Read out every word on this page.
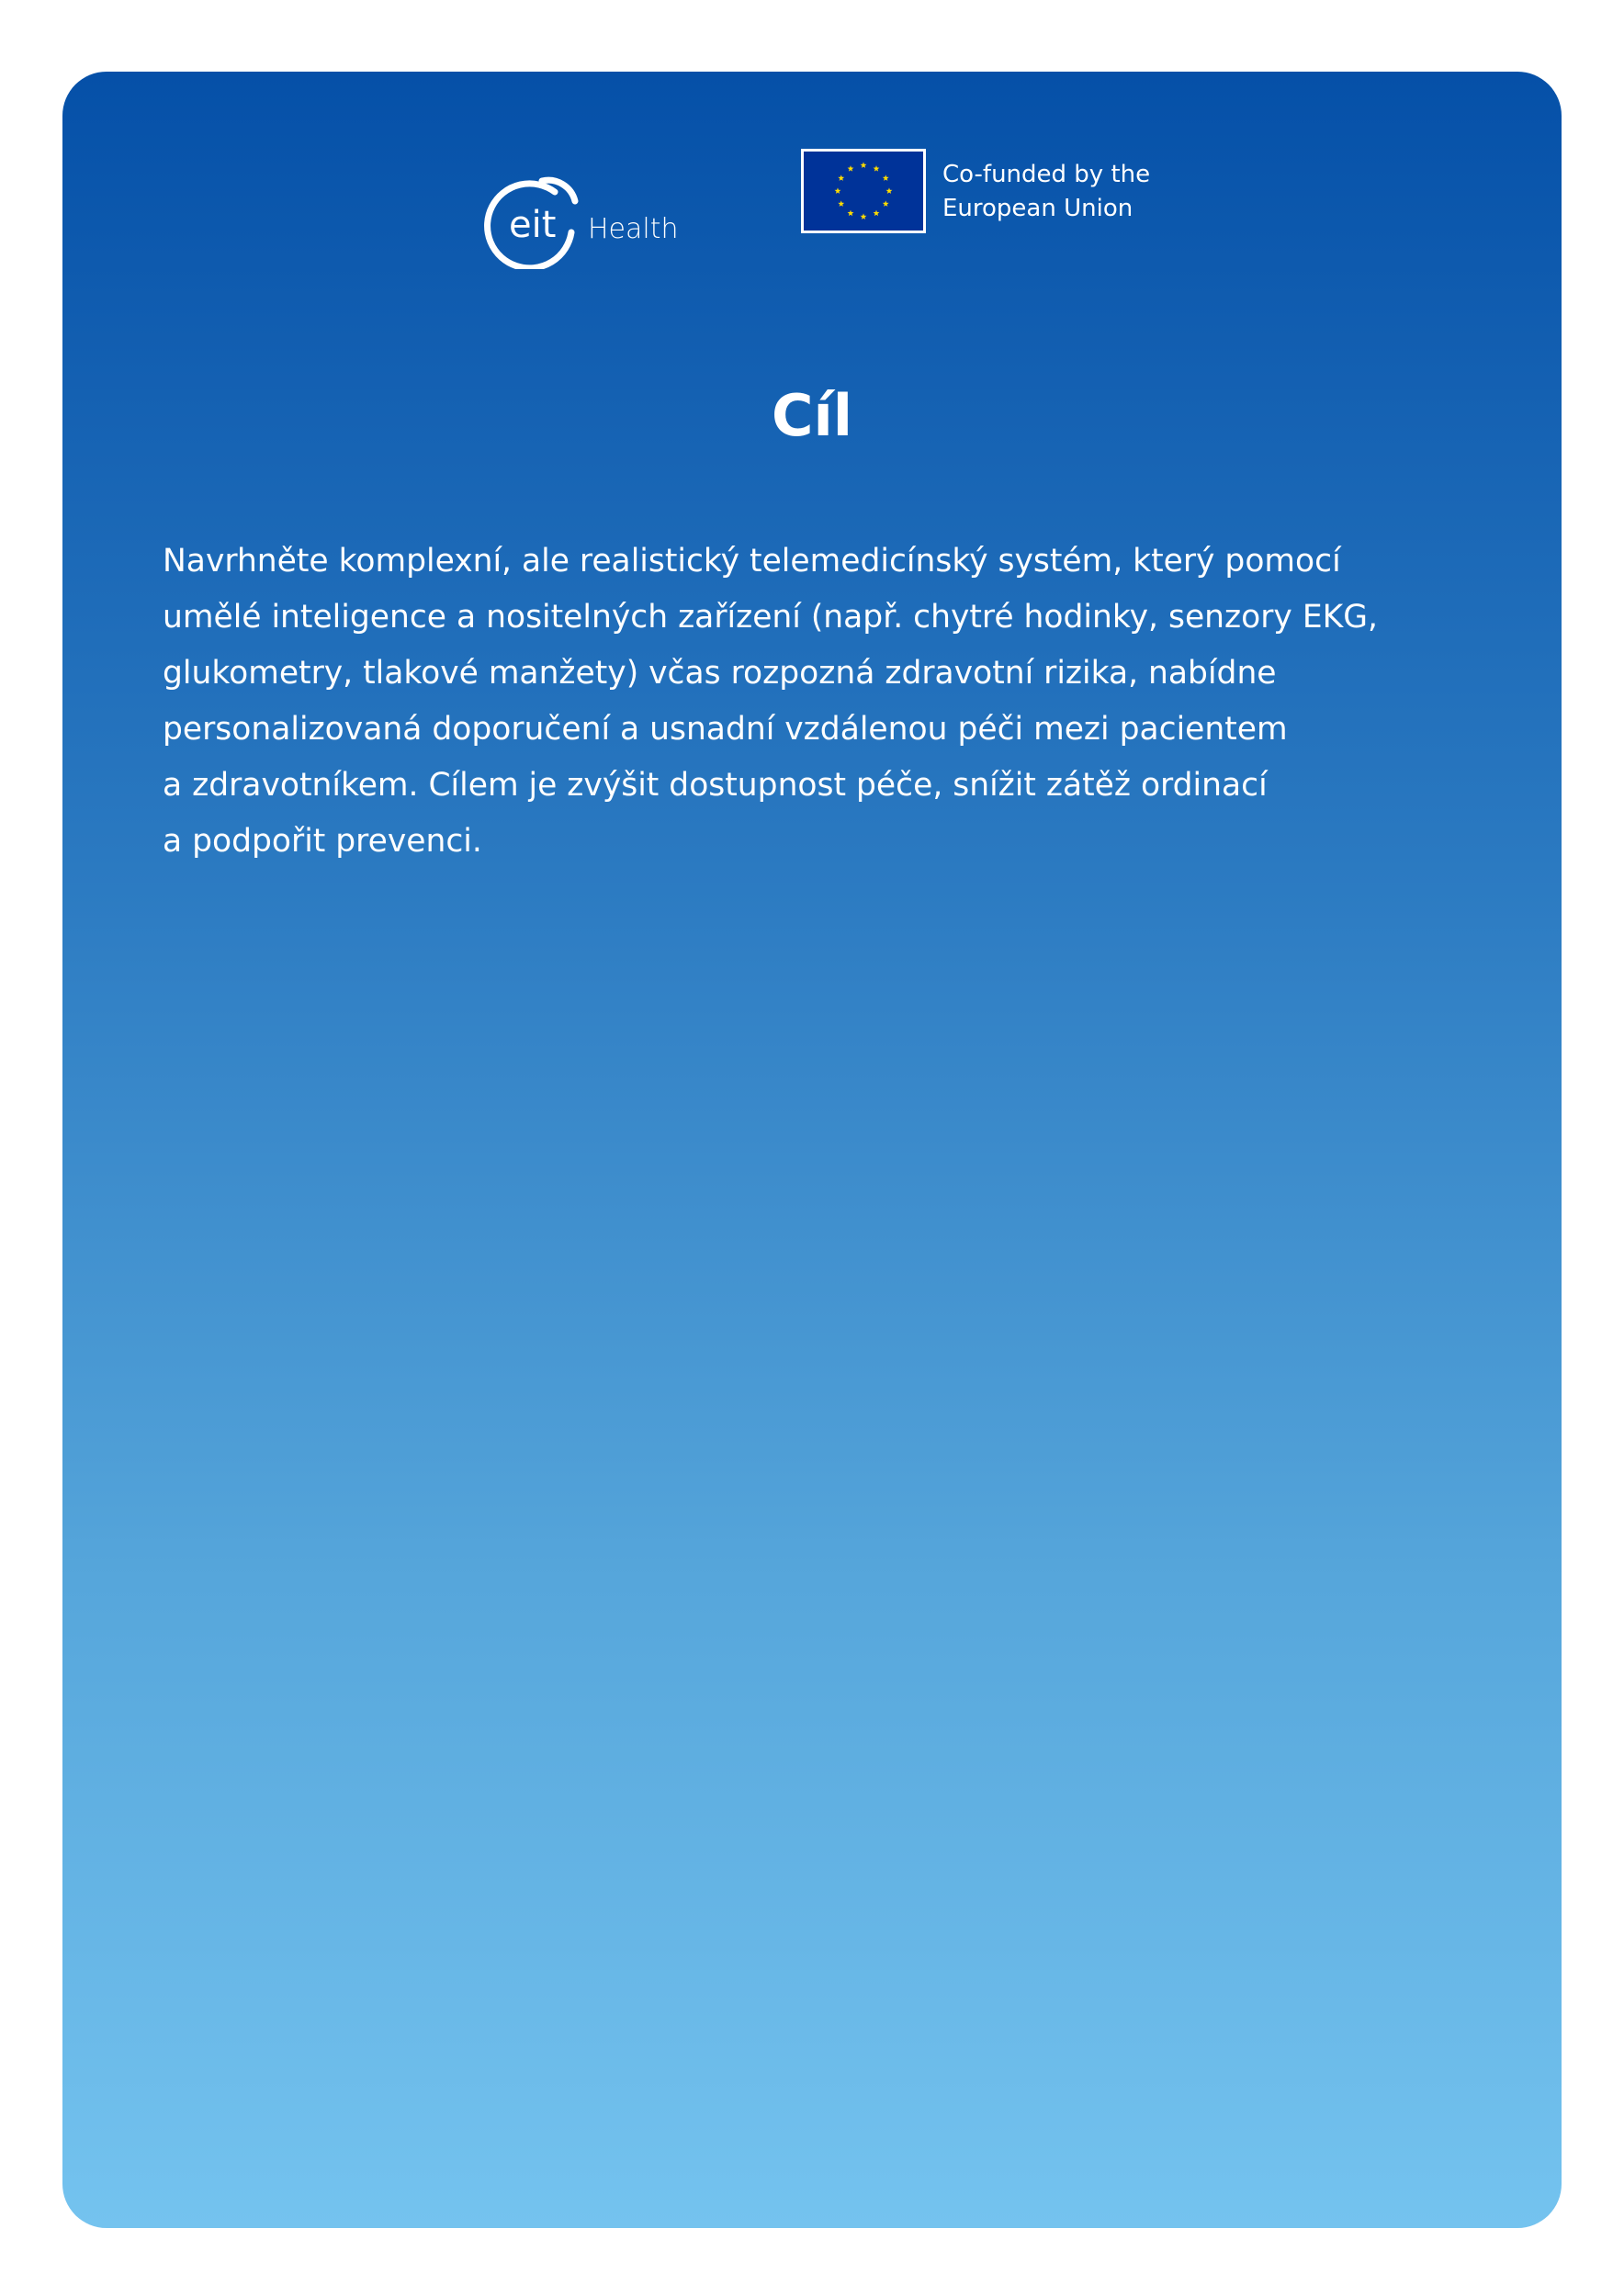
eit Health
Co-funded by the
European Union
Cíl

Navrhněte komplexní, ale realistický telemedicínský systém, který pomocí
umělé inteligence a nositelných zařízení (např. chytré hodinky, senzory EKG,
glukometry, tlakové manžety) včas rozpozná zdravotní rizika, nabídne
personalizovaná doporučení a usnadní vzdálenou péči mezi pacientem
a zdravotníkem. Cílem je zvýšit dostupnost péče, snížit zátěž ordinací
a podpořit prevenci.
